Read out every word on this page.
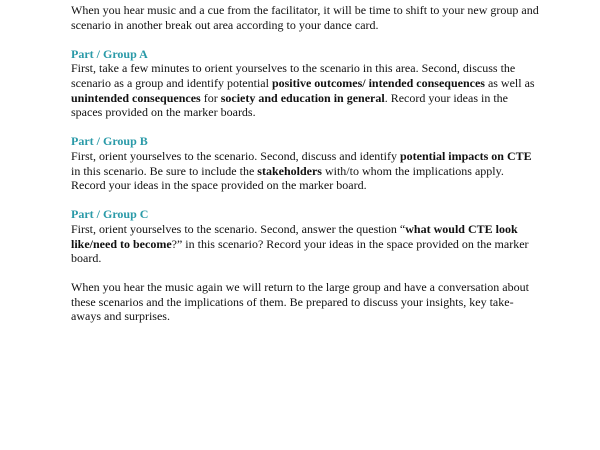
When you hear music and a cue from the facilitator, it will be time to shift to your new group and scenario in another break out area according to your dance card.

Part / Group A
First, take a few minutes to orient yourselves to the scenario in this area. Second, discuss the scenario as a group and identify potential positive outcomes/ intended consequences as well as unintended consequences for society and education in general. Record your ideas in the spaces provided on the marker boards.

Part / Group B
First, orient yourselves to the scenario. Second, discuss and identify potential impacts on CTE in this scenario. Be sure to include the stakeholders with/to whom the implications apply. Record your ideas in the space provided on the marker board.

Part / Group C
First, orient yourselves to the scenario. Second, answer the question “what would CTE look like/need to become?” in this scenario? Record your ideas in the space provided on the marker board.

When you hear the music again we will return to the large group and have a conversation about these scenarios and the implications of them. Be prepared to discuss your insights, key take-aways and surprises.
